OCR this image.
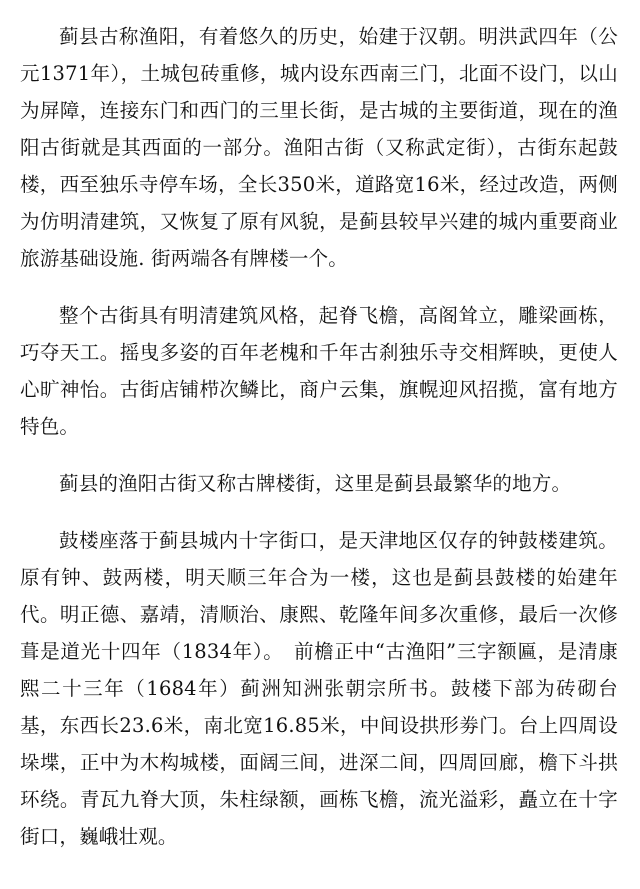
蓟县古称渔阳，有着悠久的历史，始建于汉朝。明洪武四年（公元1371年），土城包砖重修，城内设东西南三门，北面不设门，以山为屏障，连接东门和西门的三里长街，是古城的主要街道，现在的渔阳古街就是其西面的一部分。渔阳古街（又称武定街），古街东起鼓楼，西至独乐寺停车场，全长350米，道路宽16米，经过改造，两侧为仿明清建筑，又恢复了原有风貌，是蓟县较早兴建的城内重要商业旅游基础设施. 街两端各有牌楼一个。

整个古街具有明清建筑风格，起脊飞檐，高阁耸立，雕梁画栋，巧夺天工。摇曳多姿的百年老槐和千年古刹独乐寺交相辉映，更使人心旷神怡。古街店铺栉次鳞比，商户云集，旗幌迎风招揽，富有地方特色。

蓟县的渔阳古街又称古牌楼街，这里是蓟县最繁华的地方。

鼓楼座落于蓟县城内十字街口，是天津地区仅存的钟鼓楼建筑。原有钟、鼓两楼，明天顺三年合为一楼，这也是蓟县鼓楼的始建年代。明正德、嘉靖，清顺治、康熙、乾隆年间多次重修，最后一次修葺是道光十四年（1834年）。　前檐正中“古渔阳”三字额匾，是清康熙二十三年（1684年）蓟洲知洲张朝宗所书。鼓楼下部为砖砌台基，东西长23.6米，南北宽16.85米，中间设拱形劵门。台上四周设垛堞，正中为木构城楼，面阔三间，进深二间，四周回廊，檐下斗拱环绕。青瓦九脊大顶，朱柱绿额，画栋飞檐，流光溢彩，矗立在十字街口，巍峨壮观。
